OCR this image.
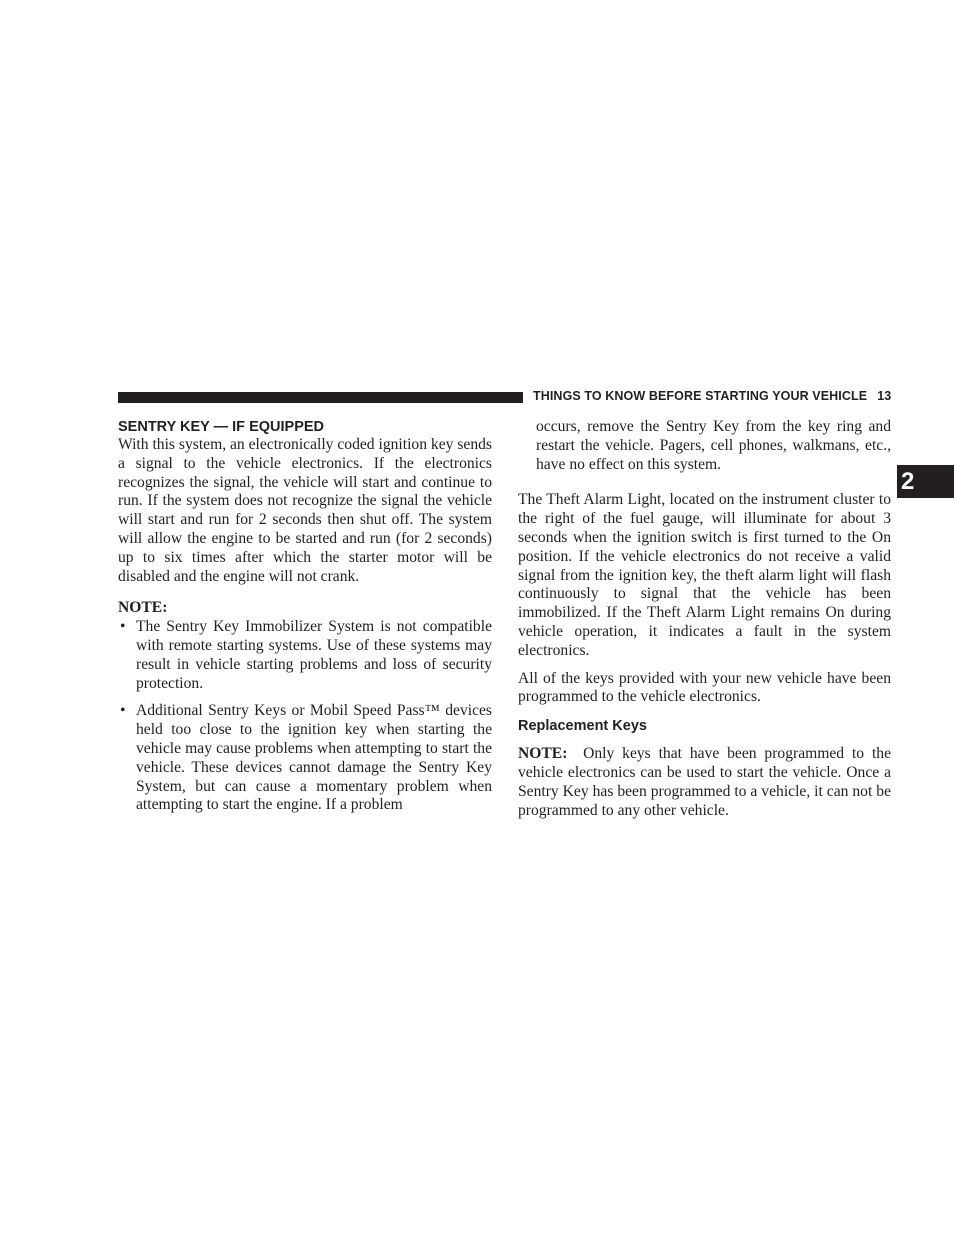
THINGS TO KNOW BEFORE STARTING YOUR VEHICLE 13
2
SENTRY KEY — IF EQUIPPED

With this system, an electronically coded ignition key sends a signal to the vehicle electronics. If the electronics recognizes the signal, the vehicle will start and continue to run. If the system does not recognize the signal the vehicle will start and run for 2 seconds then shut off. The system will allow the engine to be started and run (for 2 seconds) up to six times after which the starter motor will be disabled and the engine will not crank.

NOTE:

• The Sentry Key Immobilizer System is not compatible with remote starting systems. Use of these systems may result in vehicle starting problems and loss of security protection.
• Additional Sentry Keys or Mobil Speed Pass™ devices held too close to the ignition key when starting the vehicle may cause problems when attempting to start the vehicle. These devices cannot damage the Sentry Key System, but can cause a momentary problem when attempting to start the engine. If a problem

occurs, remove the Sentry Key from the key ring and restart the vehicle. Pagers, cell phones, walkmans, etc., have no effect on this system.

The Theft Alarm Light, located on the instrument cluster to the right of the fuel gauge, will illuminate for about 3 seconds when the ignition switch is first turned to the On position. If the vehicle electronics do not receive a valid signal from the ignition key, the theft alarm light will flash continuously to signal that the vehicle has been immobilized. If the Theft Alarm Light remains On during vehicle operation, it indicates a fault in the system electronics.

All of the keys provided with your new vehicle have been programmed to the vehicle electronics.

Replacement Keys

NOTE: Only keys that have been programmed to the vehicle electronics can be used to start the vehicle. Once a Sentry Key has been programmed to a vehicle, it can not be programmed to any other vehicle.
